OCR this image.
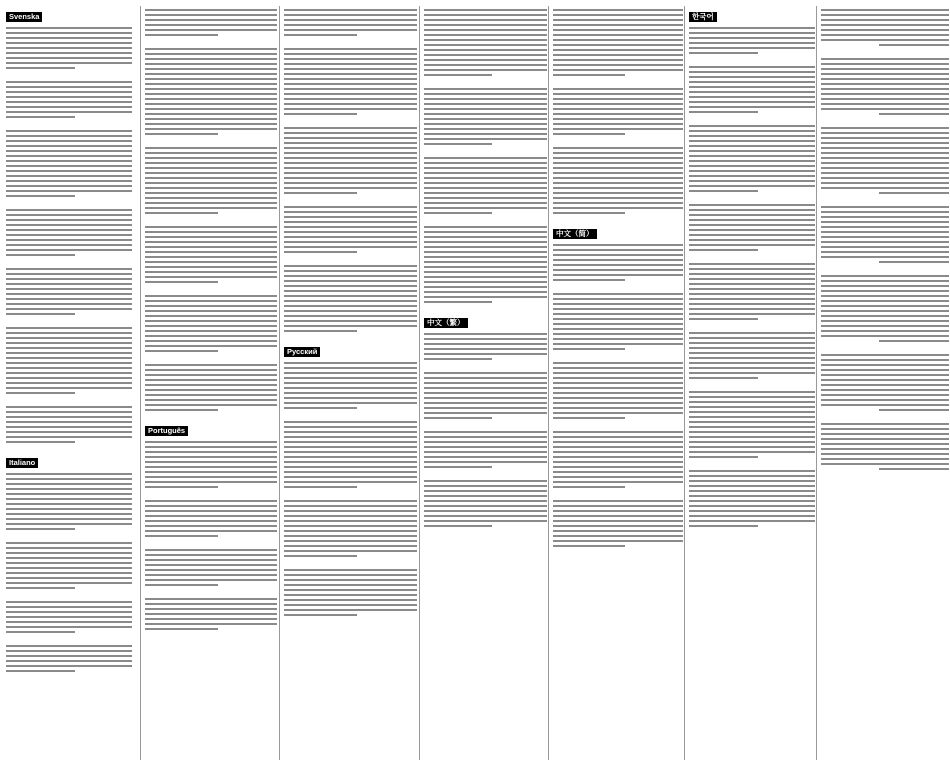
Svenska
Italiano
Português
Русский
中文（繁）
中文（简）
한국어
